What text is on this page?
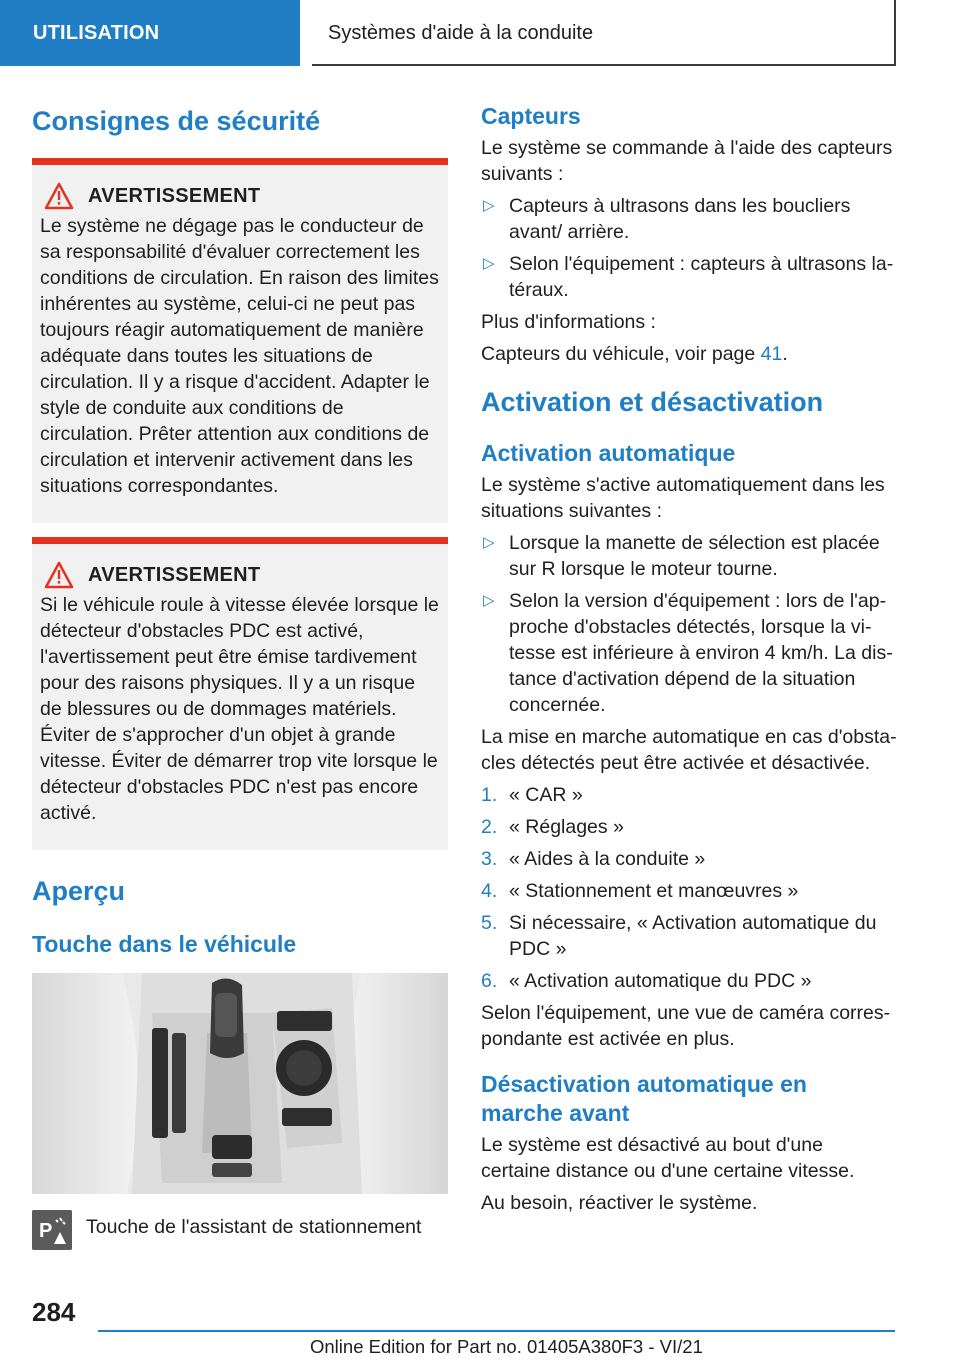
UTILISATION	Systèmes d'aide à la conduite
Consignes de sécurité
AVERTISSEMENT

Le système ne dégage pas le conducteur de sa responsabilité d'évaluer correctement les conditions de circulation. En raison des limites inhérentes au système, celui-ci ne peut pas toujours réagir automatiquement de manière adéquate dans toutes les situations de circulation. Il y a risque d'accident. Adapter le style de conduite aux conditions de circulation. Prêter attention aux conditions de circulation et intervenir activement dans les situations correspondantes.

AVERTISSEMENT

Si le véhicule roule à vitesse élevée lorsque le détecteur d'obstacles PDC est activé, l'avertissement peut être émise tardivement pour des raisons physiques. Il y a un risque de blessures ou de dommages matériels. Éviter de s'approcher d'un objet à grande vitesse. Éviter de démarrer trop vite lorsque le détecteur d'obstacles PDC n'est pas encore activé.

Aperçu
Touche dans le véhicule
P Touche de l'assistant de stationnement
Capteurs

Le système se commande à l'aide des capteurs suivants :

▷ Capteurs à ultrasons dans les boucliers avant/ arrière.
▷ Selon l'équipement : capteurs à ultrasons latéraux.

Plus d'informations :

Capteurs du véhicule, voir page 41.

Activation et désactivation
Activation automatique

Le système s'active automatiquement dans les situations suivantes :

▷ Lorsque la manette de sélection est placée sur R lorsque le moteur tourne.
▷ Selon la version d'équipement : lors de l'approche d'obstacles détectés, lorsque la vitesse est inférieure à environ 4 km/h. La distance d'activation dépend de la situation concernée.

La mise en marche automatique en cas d'obstacles détectés peut être activée et désactivée.

1. « CAR »
2. « Réglages »
3. « Aides à la conduite »
4. « Stationnement et manœuvres »
5. Si nécessaire, « Activation automatique du PDC »
6. « Activation automatique du PDC »

Selon l'équipement, une vue de caméra correspondante est activée en plus.

Désactivation automatique en marche avant

Le système est désactivé au bout d'une certaine distance ou d'une certaine vitesse.

Au besoin, réactiver le système.

284
Online Edition for Part no. 01405A380F3 - VI/21
